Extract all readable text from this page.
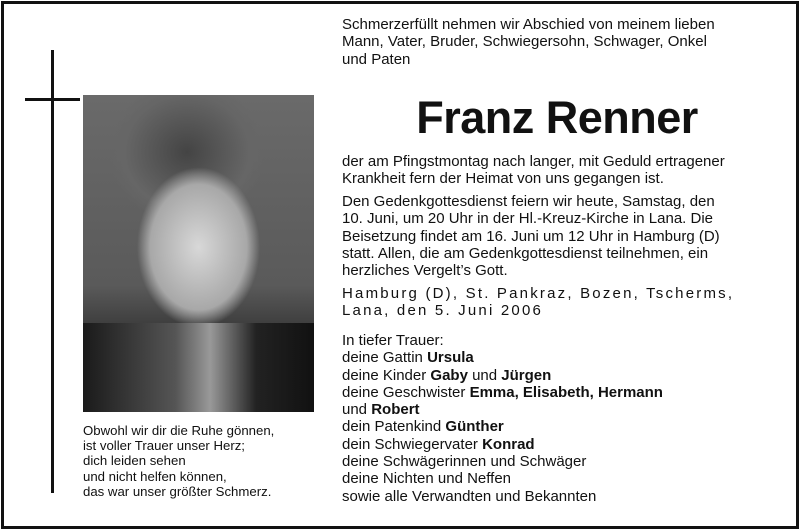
Obwohl wir dir die Ruhe gönnen,
ist voller Trauer unser Herz;
dich leiden sehen
und nicht helfen können,
das war unser größter Schmerz.
Schmerzerfüllt nehmen wir Abschied von meinem lieben
Mann, Vater, Bruder, Schwiegersohn, Schwager, Onkel
und Paten
Franz Renner
der am Pfingstmontag nach langer, mit Geduld ertragener
Krankheit fern der Heimat von uns gegangen ist.
Den Gedenkgottesdienst feiern wir heute, Samstag, den
10. Juni, um 20 Uhr in der Hl.-Kreuz-Kirche in Lana. Die
Beisetzung findet am 16. Juni um 12 Uhr in Hamburg (D)
statt. Allen, die am Gedenkgottesdienst teilnehmen, ein
herzliches Vergelt’s Gott.
Hamburg (D), St. Pankraz, Bozen, Tscherms,
Lana, den 5. Juni 2006
In tiefer Trauer:
deine Gattin Ursula
deine Kinder Gaby und Jürgen
deine Geschwister Emma, Elisabeth, Hermann
und Robert
dein Patenkind Günther
dein Schwiegervater Konrad
deine Schwägerinnen und Schwäger
deine Nichten und Neffen
sowie alle Verwandten und Bekannten
